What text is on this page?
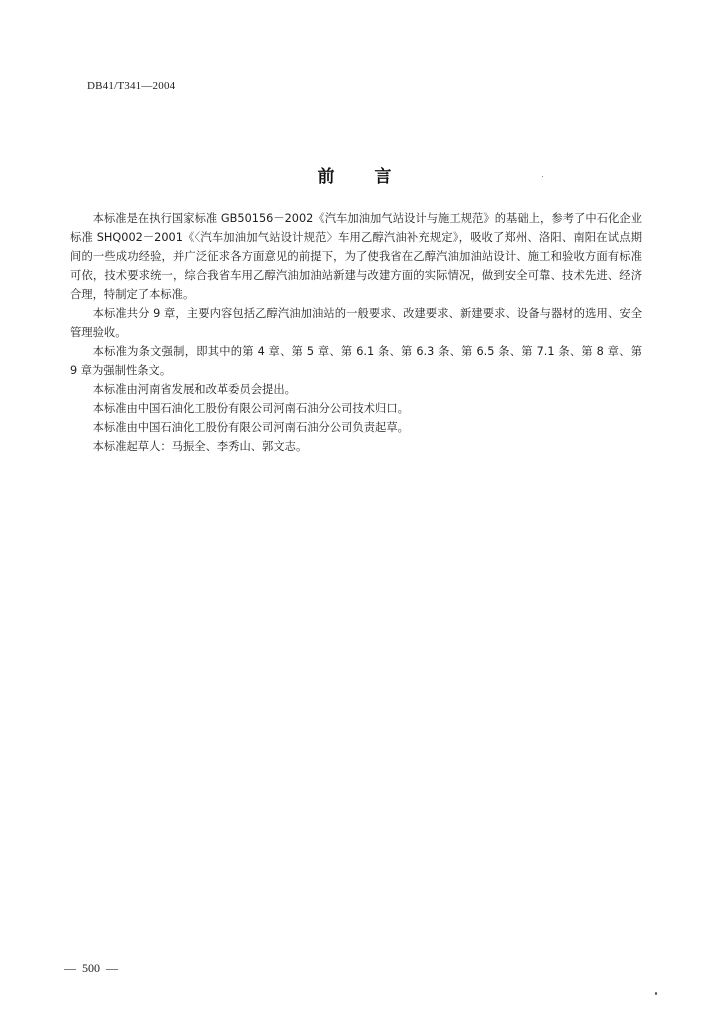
DB41/T341—2004
前 言

本标准是在执行国家标准 GB50156－2002《汽车加油加气站设计与施工规范》的基础上，参考了中石化企业标准 SHQ002－2001《〈汽车加油加气站设计规范〉车用乙醇汽油补充规定》，吸收了郑州、洛阳、南阳在试点期间的一些成功经验，并广泛征求各方面意见的前提下，为了使我省在乙醇汽油加油站设计、施工和验收方面有标准可依，技术要求统一，综合我省车用乙醇汽油加油站新建与改建方面的实际情况，做到安全可靠、技术先进、经济合理，特制定了本标准。

本标准共分 9 章，主要内容包括乙醇汽油加油站的一般要求、改建要求、新建要求、设备与器材的选用、安全管理验收。

本标准为条文强制，即其中的第 4 章、第 5 章、第 6.1 条、第 6.3 条、第 6.5 条、第 7.1 条、第 8 章、第 9 章为强制性条文。

本标准由河南省发展和改革委员会提出。

本标准由中国石油化工股份有限公司河南石油分公司技术归口。

本标准由中国石油化工股份有限公司河南石油分公司负责起草。

本标准起草人：马振全、李秀山、郭文志。

—  500  —
